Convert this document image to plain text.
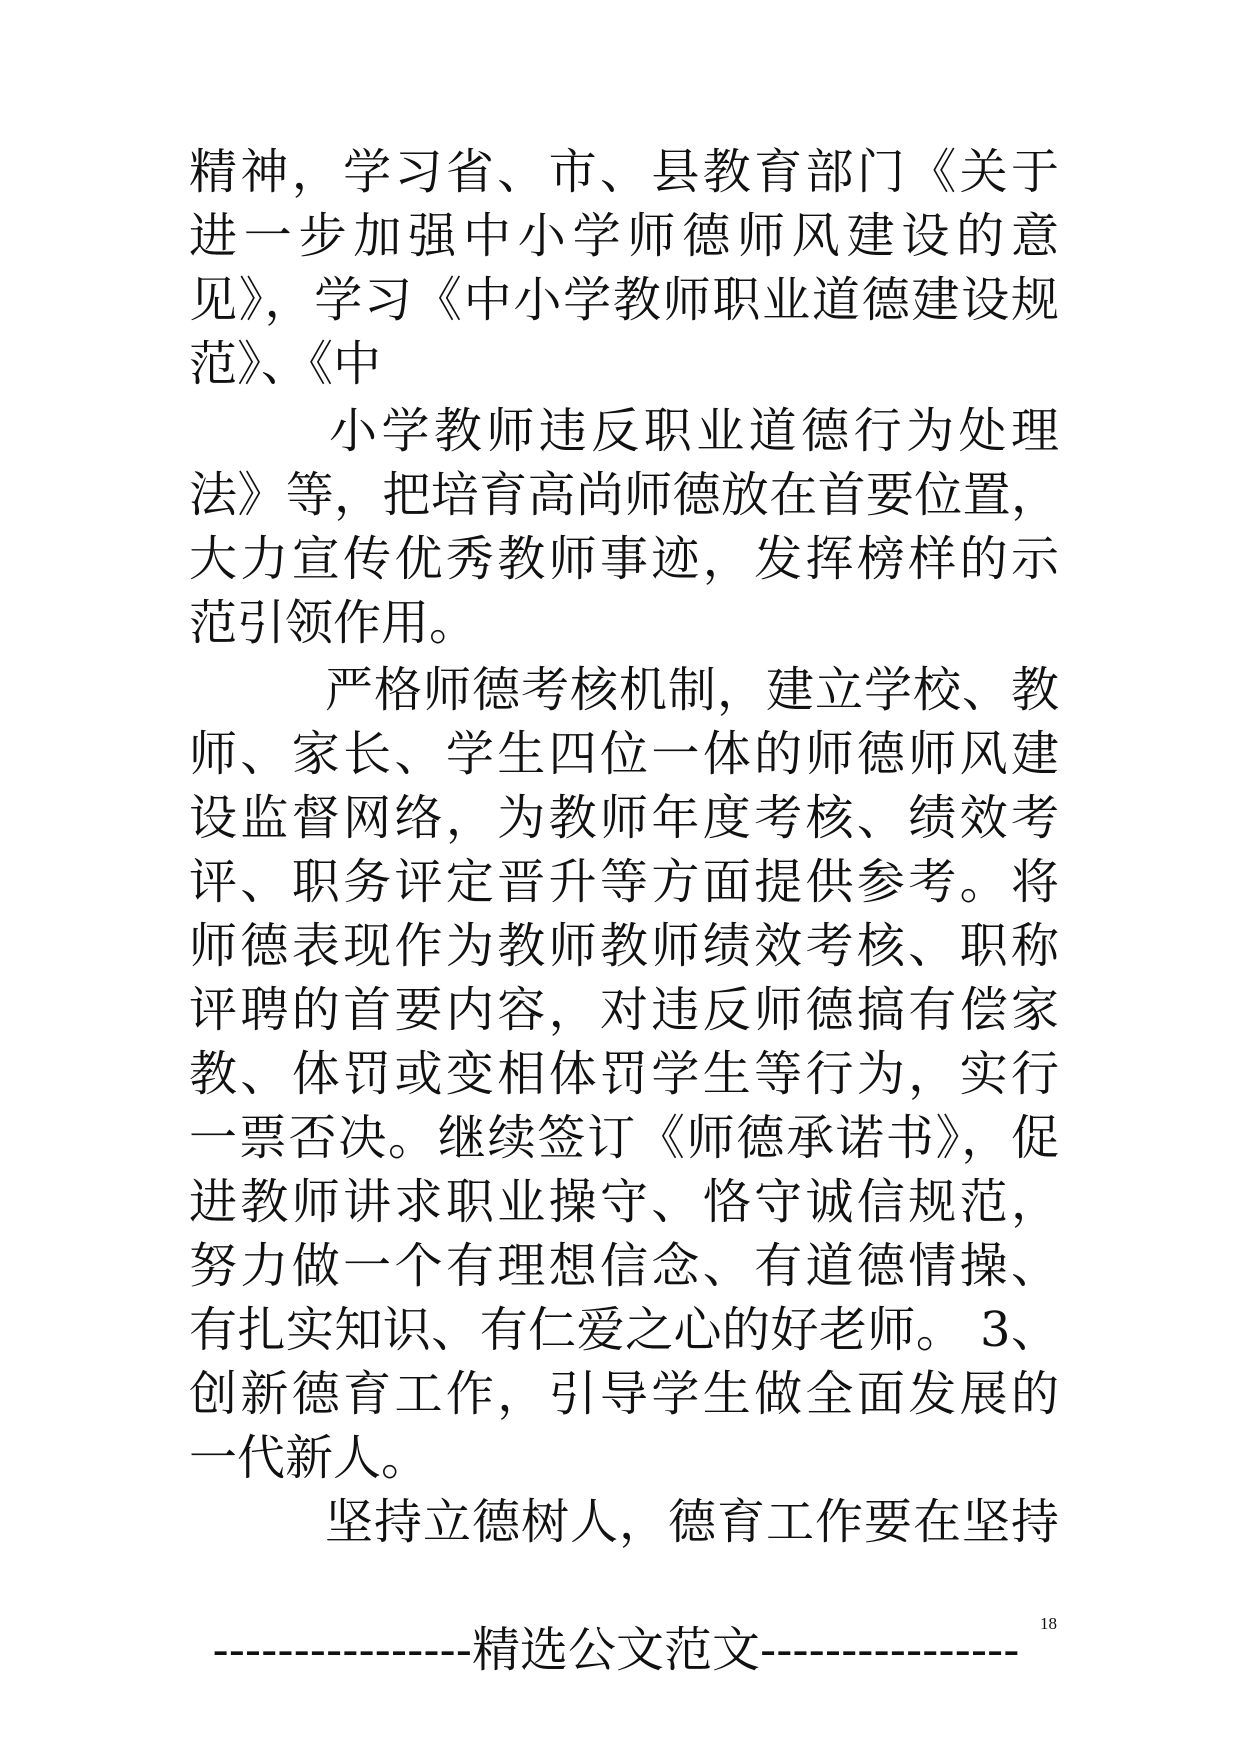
精神，学习省、市、县教育部门《关于
进一步加强中小学师德师风建设的意
见》，学习《中小学教师职业道德建设规
范》、《中
小学教师违反职业道德行为处理
法》等，把培育高尚师德放在首要位置，
大力宣传优秀教师事迹，发挥榜样的示
范引领作用。
严格师德考核机制，建立学校、教
师、家长、学生四位一体的师德师风建
设监督网络，为教师年度考核、绩效考
评、职务评定晋升等方面提供参考。将
师德表现作为教师教师绩效考核、职称
评聘的首要内容，对违反师德搞有偿家
教、体罚或变相体罚学生等行为，实行
一票否决。继续签订《师德承诺书》，促
进教师讲求职业操守、恪守诚信规范，
努力做一个有理想信念、有道德情操、
有扎实知识、有仁爱之心的好老师。 3、
创新德育工作，引导学生做全面发展的
一代新人。
坚持立德树人，德育工作要在坚持
18
----------------精选公文范文----------------
